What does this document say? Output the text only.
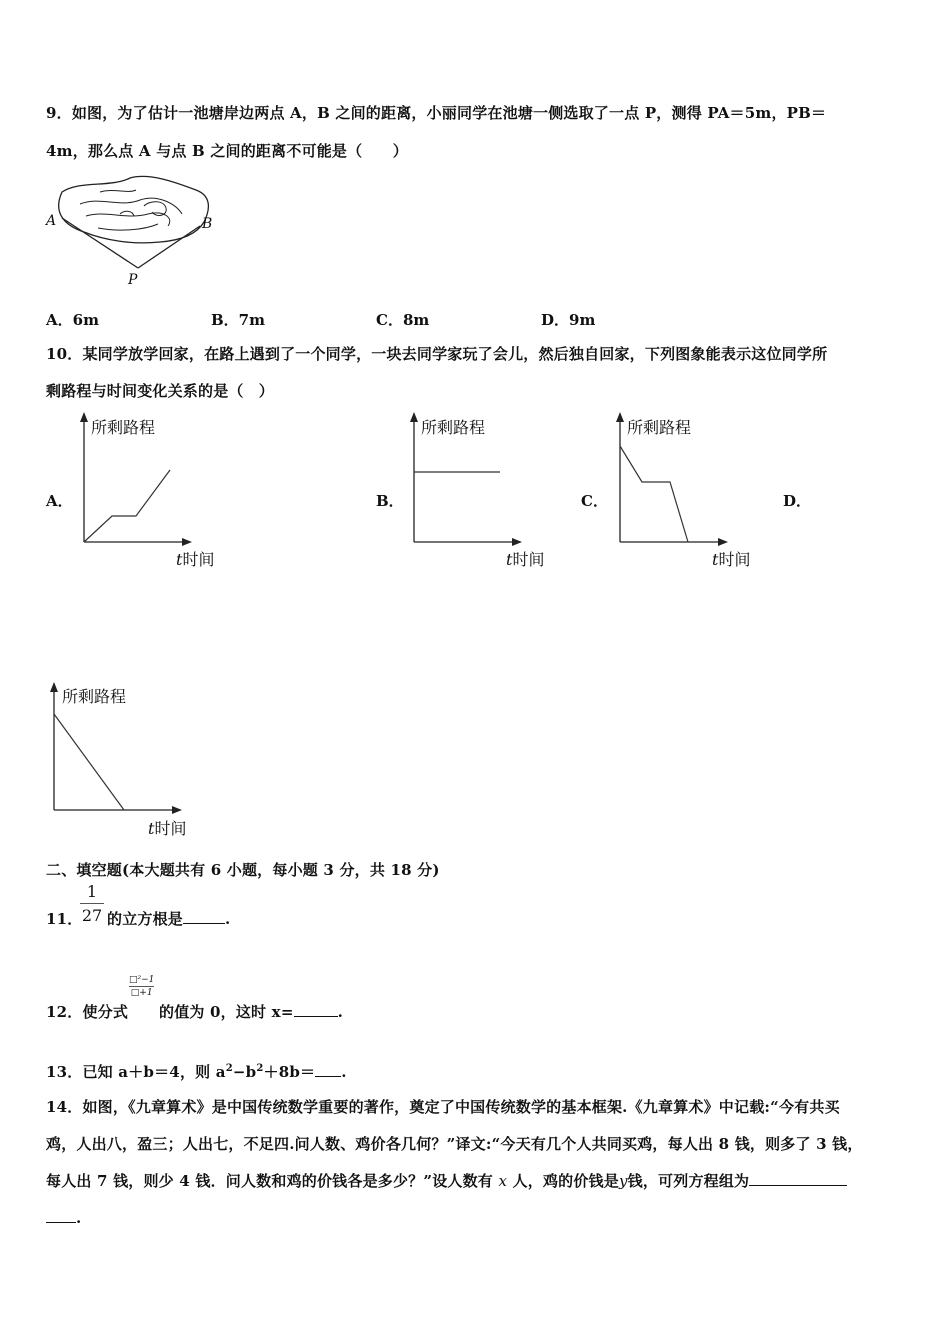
9．如图，为了估计一池塘岸边两点 A，B 之间的距离，小丽同学在池塘一侧选取了一点 P，测得 PA＝5m，PB＝
4m，那么点 A 与点 B 之间的距离不可能是（　　）
A	B
P
A．6m	B．7m	C．8m	D．9m
10．某同学放学回家，在路上遇到了一个同学，一块去同学家玩了会儿，然后独自回家，下列图象能表示这位同学所
剩路程与时间变化关系的是（　）
A．
所剩路程
t时间
B．
所剩路程
t时间
C．
所剩路程
t时间
D．
所剩路程
t时间
二、填空题(本大题共有 6 小题，每小题 3 分，共 18 分)
11．
1
27 的立方根是	.
12．使分式
□²−1
□+1
的值为 0，这时 x=	.
13．已知 a＋b＝4，则 $a^2-b^2+8b=$ .
14．如图，《九章算术》是中国传统数学重要的著作，奠定了中国传统数学的基本框架.《九章算术》中记载:“今有共买
鸡，人出八，盈三；人出七，不足四.问人数、鸡价各几何？”译文:“今天有几个人共同买鸡，每人出 8 钱，则多了 3 钱，
每人出 7 钱，则少 4 钱．问人数和鸡的价钱各是多少？”设人数有 x 人，鸡的价钱是y钱，可列方程组为
.
